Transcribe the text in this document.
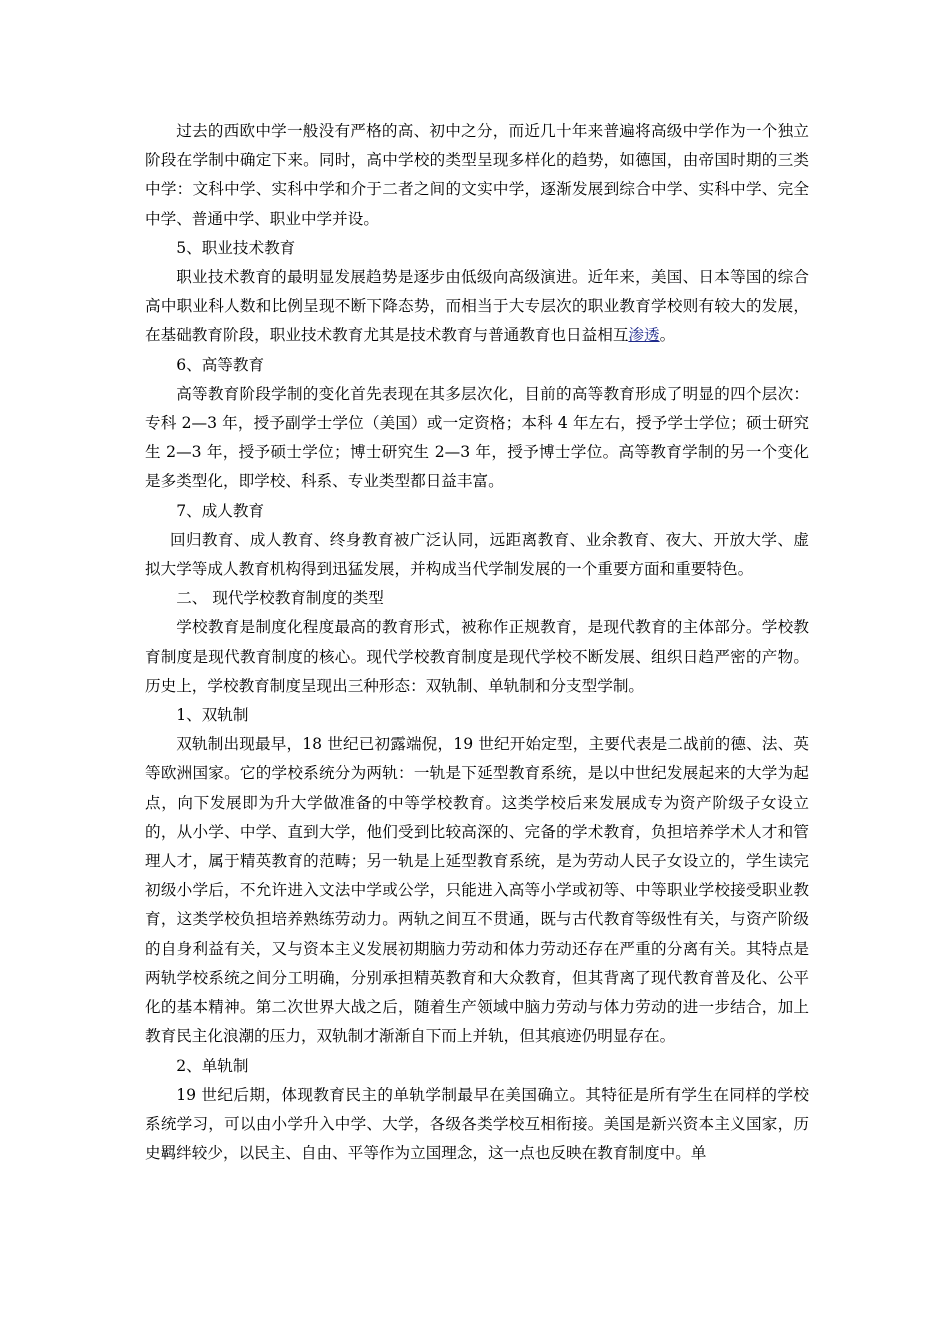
过去的西欧中学一般没有严格的高、初中之分，而近几十年来普遍将高级中学作为一个独立阶段在学制中确定下来。同时，高中学校的类型呈现多样化的趋势，如德国，由帝国时期的三类中学：文科中学、实科中学和介于二者之间的文实中学，逐渐发展到综合中学、实科中学、完全中学、普通中学、职业中学并设。

5、职业技术教育

职业技术教育的最明显发展趋势是逐步由低级向高级演进。近年来，美国、日本等国的综合高中职业科人数和比例呈现不断下降态势，而相当于大专层次的职业教育学校则有较大的发展，在基础教育阶段，职业技术教育尤其是技术教育与普通教育也日益相互渗透。

6、高等教育

高等教育阶段学制的变化首先表现在其多层次化，目前的高等教育形成了明显的四个层次：专科 2—3 年，授予副学士学位（美国）或一定资格；本科 4 年左右，授予学士学位；硕士研究生 2—3 年，授予硕士学位；博士研究生 2—3 年，授予博士学位。高等教育学制的另一个变化是多类型化，即学校、科系、专业类型都日益丰富。

7、成人教育

回归教育、成人教育、终身教育被广泛认同，远距离教育、业余教育、夜大、开放大学、虚拟大学等成人教育机构得到迅猛发展，并构成当代学制发展的一个重要方面和重要特色。

二、 现代学校教育制度的类型

学校教育是制度化程度最高的教育形式，被称作正规教育，是现代教育的主体部分。学校教育制度是现代教育制度的核心。现代学校教育制度是现代学校不断发展、组织日趋严密的产物。历史上，学校教育制度呈现出三种形态：双轨制、单轨制和分支型学制。

1、双轨制

双轨制出现最早，18 世纪已初露端倪，19 世纪开始定型，主要代表是二战前的德、法、英等欧洲国家。它的学校系统分为两轨：一轨是下延型教育系统，是以中世纪发展起来的大学为起点，向下发展即为升大学做准备的中等学校教育。这类学校后来发展成专为资产阶级子女设立的，从小学、中学、直到大学，他们受到比较高深的、完备的学术教育，负担培养学术人才和管理人才，属于精英教育的范畴；另一轨是上延型教育系统，是为劳动人民子女设立的，学生读完初级小学后，不允许进入文法中学或公学，只能进入高等小学或初等、中等职业学校接受职业教育，这类学校负担培养熟练劳动力。两轨之间互不贯通，既与古代教育等级性有关，与资产阶级的自身利益有关，又与资本主义发展初期脑力劳动和体力劳动还存在严重的分离有关。其特点是两轨学校系统之间分工明确，分别承担精英教育和大众教育，但其背离了现代教育普及化、公平化的基本精神。第二次世界大战之后，随着生产领域中脑力劳动与体力劳动的进一步结合，加上教育民主化浪潮的压力，双轨制才渐渐自下而上并轨，但其痕迹仍明显存在。

2、单轨制

19 世纪后期，体现教育民主的单轨学制最早在美国确立。其特征是所有学生在同样的学校系统学习，可以由小学升入中学、大学，各级各类学校互相衔接。美国是新兴资本主义国家，历史羁绊较少，以民主、自由、平等作为立国理念，这一点也反映在教育制度中。单
